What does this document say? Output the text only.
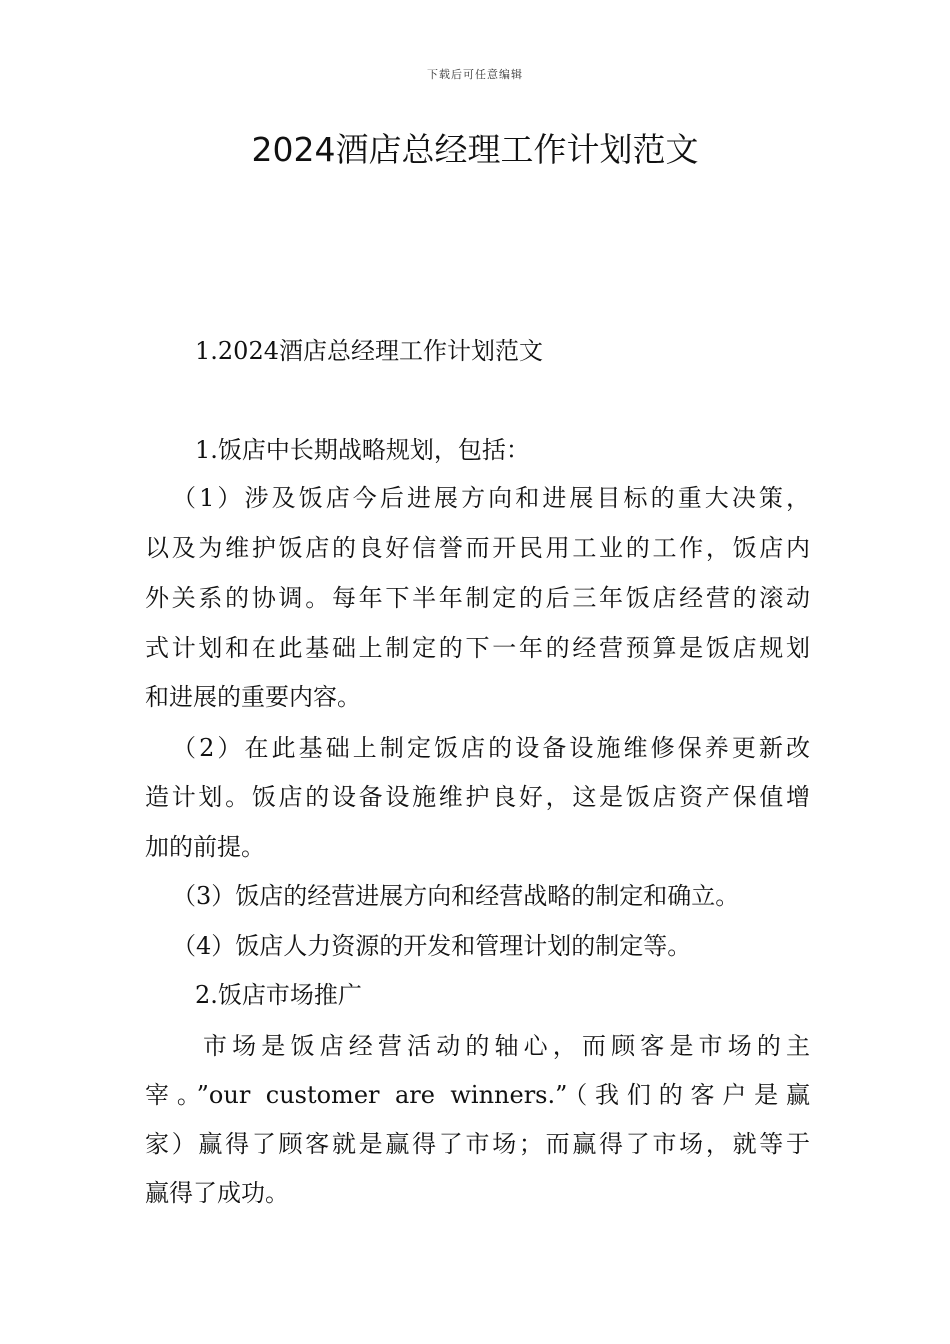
下载后可任意编辑
2024酒店总经理工作计划范文
1.2024酒店总经理工作计划范文
1.饭店中长期战略规划，包括：
（1）涉及饭店今后进展方向和进展目标的重大决策，
以及为维护饭店的良好信誉而开民用工业的工作，饭店内
外关系的协调。每年下半年制定的后三年饭店经营的滚动
式计划和在此基础上制定的下一年的经营预算是饭店规划
和进展的重要内容。
（2）在此基础上制定饭店的设备设施维修保养更新改
造计划。饭店的设备设施维护良好，这是饭店资产保值增
加的前提。
（3）饭店的经营进展方向和经营战略的制定和确立。
（4）饭店人力资源的开发和管理计划的制定等。
2.饭店市场推广
市场是饭店经营活动的轴心，而顾客是市场的主
宰。”our customer are winners.”（我们的客户是赢
家）赢得了顾客就是赢得了市场；而赢得了市场，就等于
赢得了成功。
